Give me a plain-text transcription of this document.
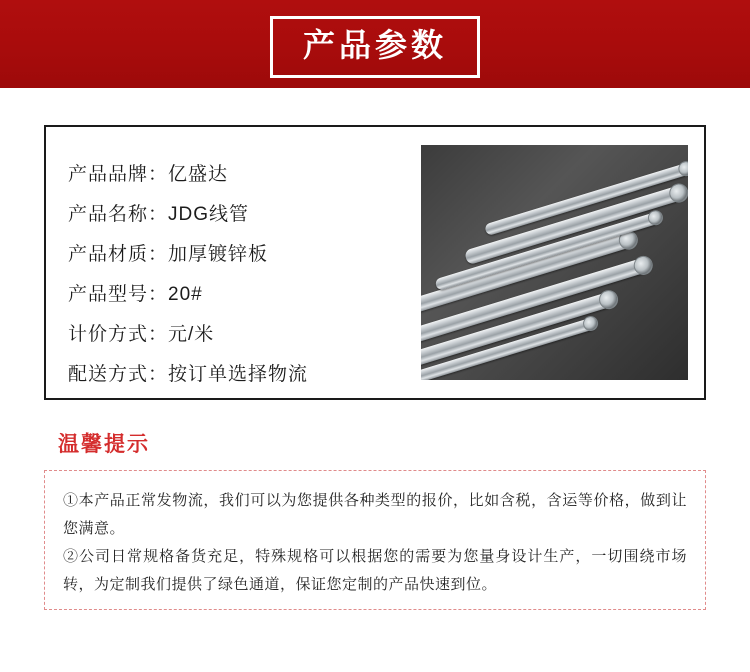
产品参数
产品品牌： 亿盛达
产品名称： JDG线管
产品材质： 加厚镀锌板
产品型号： 20#
计价方式： 元/米
配送方式： 按订单选择物流
温馨提示
①本产品正常发物流，我们可以为您提供各种类型的报价，比如含税，含运等价格，做到让您满意。
②公司日常规格备货充足，特殊规格可以根据您的需要为您量身设计生产，一切围绕市场转，为定制我们提供了绿色通道，保证您定制的产品快速到位。
